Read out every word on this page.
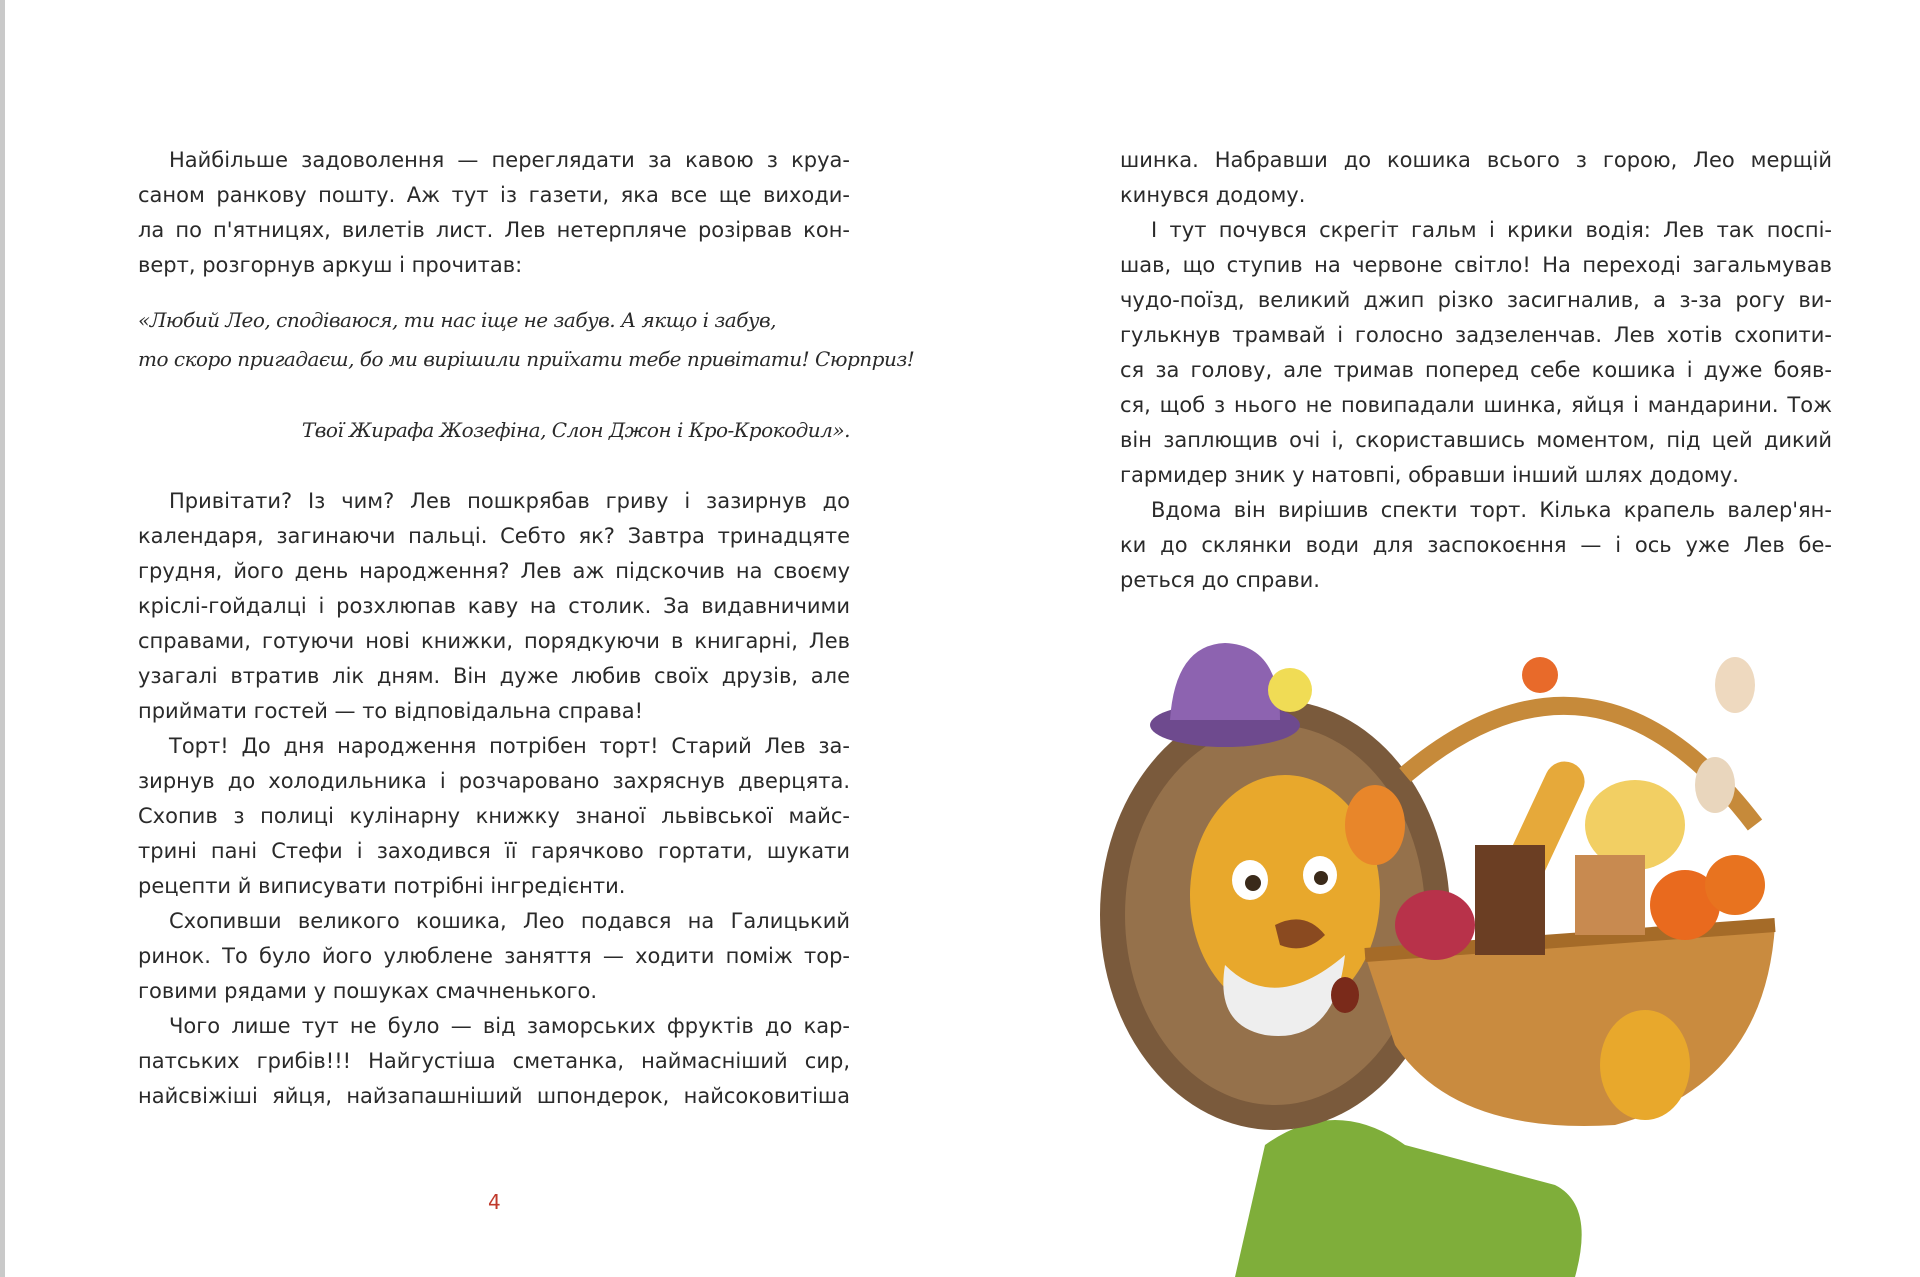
Найбільше задоволення — переглядати за кавою з круа-
саном ранкову пошту. Аж тут із газети, яка все ще виходи-
ла по п'ятницях, вилетів лист. Лев нетерпляче розірвав кон-
верт, розгорнув аркуш і прочитав:
«Любий Лео, сподіваюся, ти нас іще не забув. А якщо і забув,
то скоро пригадаєш, бо ми вирішили приїхати тебе привітати! Сюрприз!
Твої Жирафа Жозефіна, Слон Джон і Кро-Крокодил».
Привітати? Із чим? Лев пошкрябав гриву і зазирнув до
календаря, загинаючи пальці. Себто як? Завтра тринадцяте
грудня, його день народження? Лев аж підскочив на своєму
кріслі-гойдалці і розхлюпав каву на столик. За видавничими
справами, готуючи нові книжки, порядкуючи в книгарні, Лев
узагалі втратив лік дням. Він дуже любив своїх друзів, але
приймати гостей — то відповідальна справа!
Торт! До дня народження потрібен торт! Старий Лев за-
зирнув до холодильника і розчаровано захряснув дверцята.
Схопив з полиці кулінарну книжку знаної львівської майс-
трині пані Стефи і заходився її гарячково гортати, шукати
рецепти й виписувати потрібні інгредієнти.
Схопивши великого кошика, Лео подався на Галицький
ринок. То було його улюблене заняття — ходити поміж тор-
говими рядами у пошуках смачненького.
Чого лише тут не було — від заморських фруктів до кар-
патських грибів!!! Найгустіша сметанка, наймасніший сир,
найсвіжіші яйця, найзапашніший шпондерок, найсоковитіша
4
шинка. Набравши до кошика всього з горою, Лео мерщій
кинувся додому.
І тут почувся скрегіт гальм і крики водія: Лев так поспі-
шав, що ступив на червоне світло! На переході загальмував
чудо-поїзд, великий джип різко засигналив, а з-за рогу ви-
гулькнув трамвай і голосно задзеленчав. Лев хотів схопити-
ся за голову, але тримав поперед себе кошика і дуже бояв-
ся, щоб з нього не повипадали шинка, яйця і мандарини. Тож
він заплющив очі і, скориставшись моментом, під цей дикий
гармидер зник у натовпі, обравши інший шлях додому.
Вдома він вирішив спекти торт. Кілька крапель валер'ян-
ки до склянки води для заспокоєння — і ось уже Лев бе-
реться до справи.
